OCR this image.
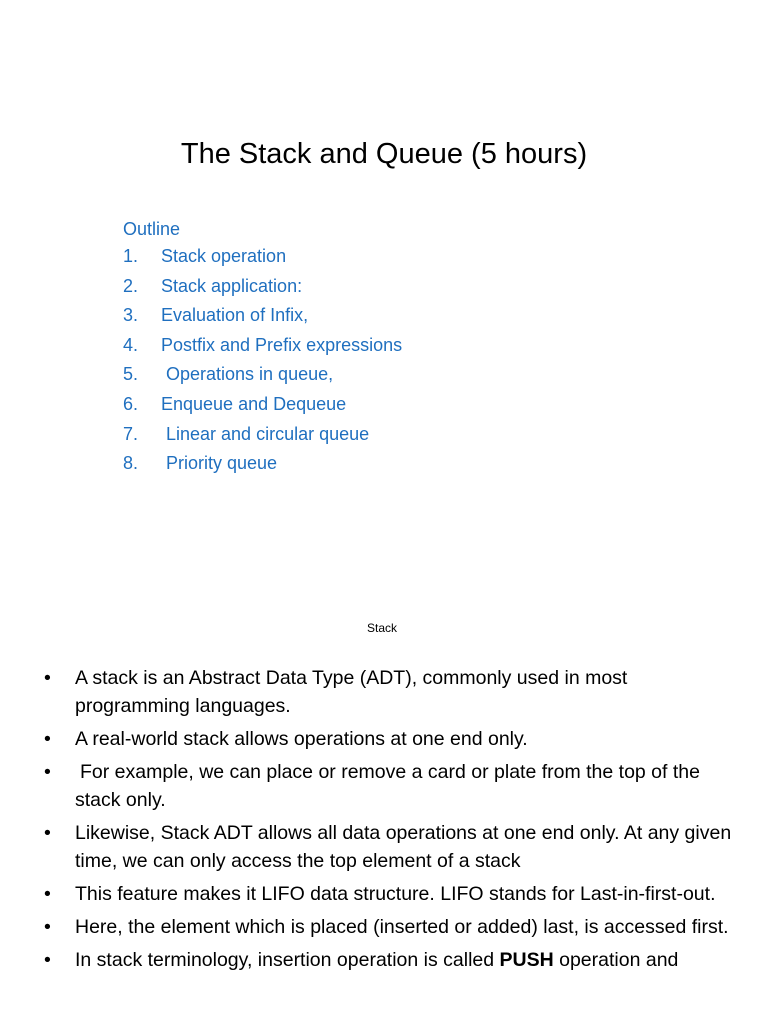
The Stack and Queue (5 hours)
Outline
1. Stack operation
2. Stack application:
3. Evaluation of Infix,
4. Postfix and Prefix expressions
5. Operations in queue,
6. Enqueue and Dequeue
7. Linear and circular queue
8. Priority queue
Stack
• A stack is an Abstract Data Type (ADT), commonly used in most programming languages.
• A real-world stack allows operations at one end only.
• For example, we can place or remove a card or plate from the top of the stack only.
• Likewise, Stack ADT allows all data operations at one end only. At any given time, we can only access the top element of a stack
• This feature makes it LIFO data structure. LIFO stands for Last-in-first-out.
• Here, the element which is placed (inserted or added) last, is accessed first.
• In stack terminology, insertion operation is called PUSH operation and
